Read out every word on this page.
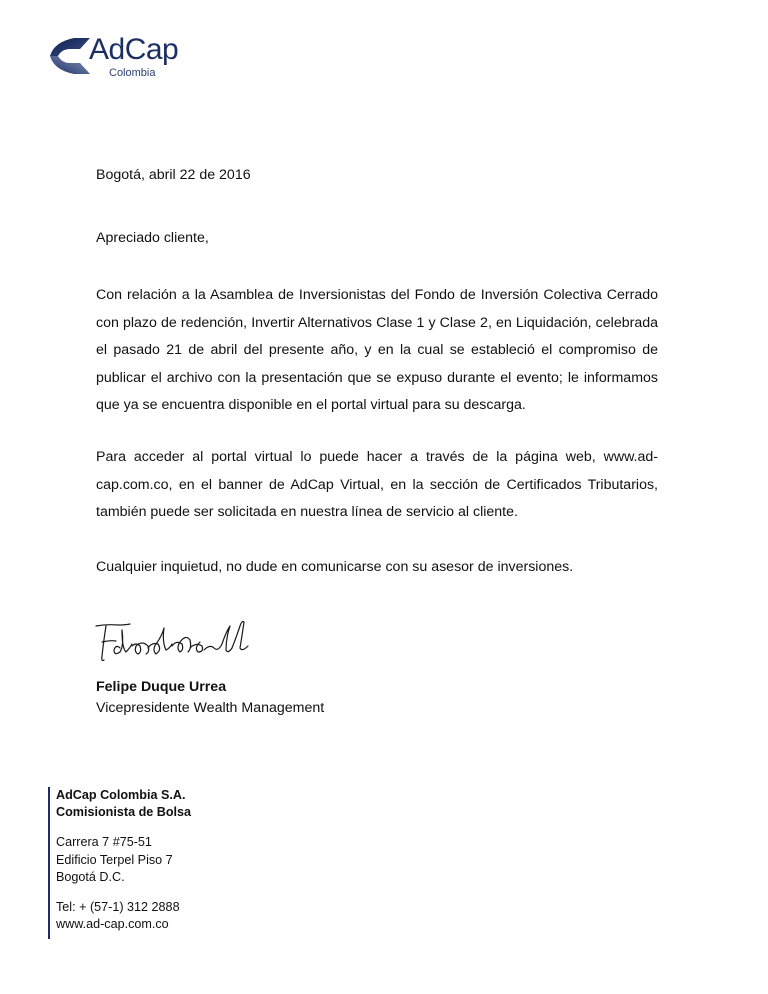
AdCap
Colombia
Bogotá, abril 22 de 2016
Apreciado cliente,
Con relación a la Asamblea de Inversionistas del Fondo de Inversión Colectiva Cerrado con plazo de redención, Invertir Alternativos Clase 1 y Clase 2, en Liquidación, celebrada el pasado 21 de abril del presente año, y en la cual se estableció el compromiso de publicar el archivo con la presentación que se expuso durante el evento; le informamos que ya se encuentra disponible en el portal virtual para su descarga.
Para acceder al portal virtual lo puede hacer a través de la página web, www.ad-cap.com.co, en el banner de AdCap Virtual, en la sección de Certificados Tributarios, también puede ser solicitada en nuestra línea de servicio al cliente.
Cualquier inquietud, no dude en comunicarse con su asesor de inversiones.
Felipe Duque Urrea
Vicepresidente Wealth Management
AdCap Colombia S.A.
Comisionista de Bolsa
Carrera 7 #75-51
Edificio Terpel Piso 7
Bogotá D.C.
Tel: + (57-1) 312 2888
www.ad-cap.com.co
